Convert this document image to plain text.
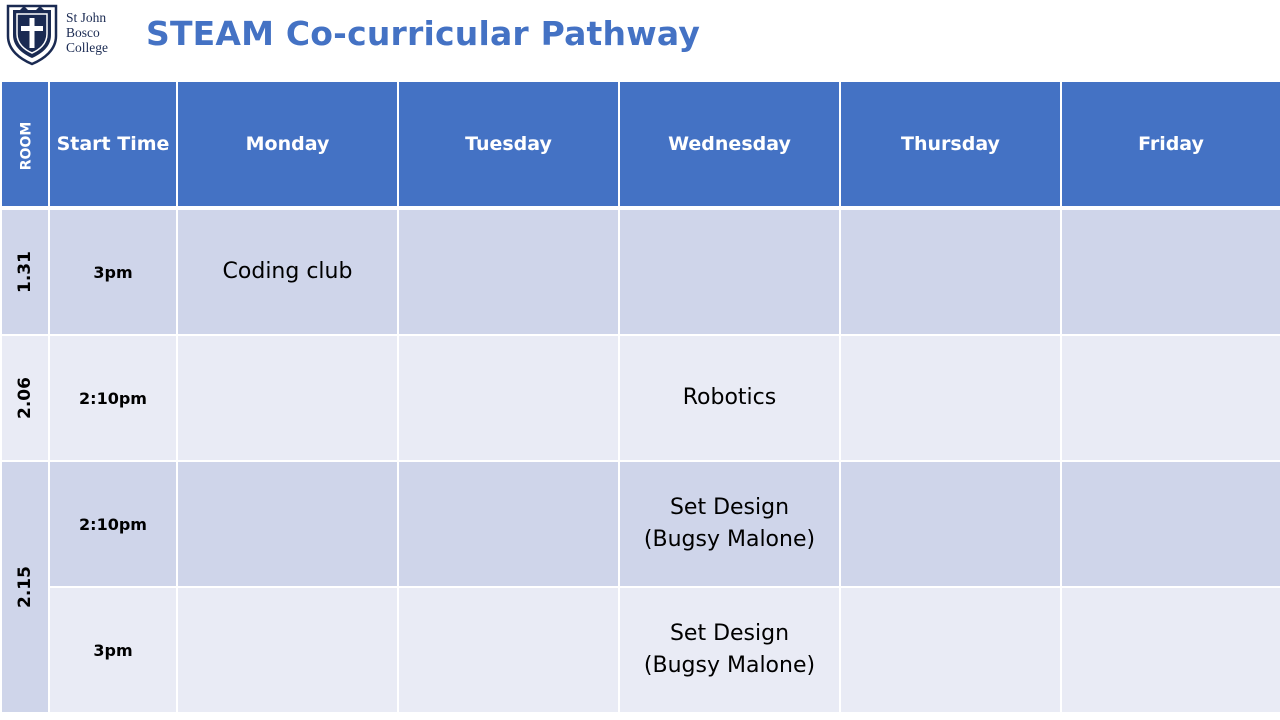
St John
Bosco
College STEAM Co-curricular Pathway
ROOM	Start Time	Monday	Tuesday	Wednesday	Thursday	Friday
1.31	3pm	Coding club				

2.06	2:10pm			Robotics		

2.15	2:10pm			Set Design
(Bugsy Malone)		

	3pm			Set Design
(Bugsy Malone)		
